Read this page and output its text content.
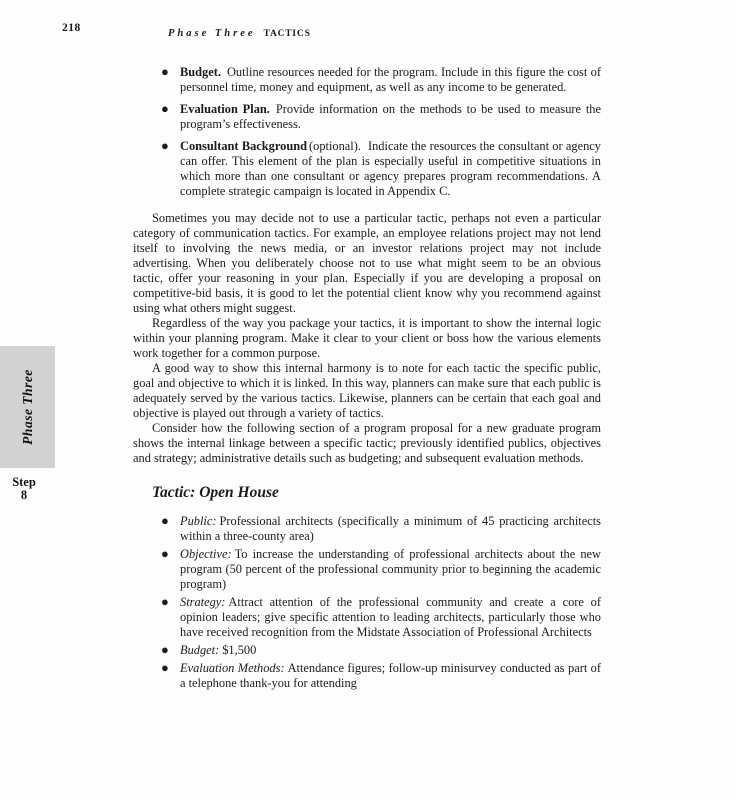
218	Phase Three TACTICS
Phase Three
Step
8
● Budget. Outline resources needed for the program. Include in this figure the cost of personnel time, money and equipment, as well as any income to be generated.

● Evaluation Plan. Provide information on the methods to be used to measure the program’s effectiveness.

● Consultant Background (optional). Indicate the resources the consultant or agency can offer. This element of the plan is especially useful in competitive situations in which more than one consultant or agency prepares program recommendations. A complete strategic campaign is located in Appendix C.

Sometimes you may decide not to use a particular tactic, perhaps not even a particular category of communication tactics. For example, an employee relations project may not lend itself to involving the news media, or an investor relations project may not include advertising. When you deliberately choose not to use what might seem to be an obvious tactic, offer your reasoning in your plan. Especially if you are developing a proposal on competitive-bid basis, it is good to let the potential client know why you recommend against using what others might suggest.

Regardless of the way you package your tactics, it is important to show the internal logic within your planning program. Make it clear to your client or boss how the various elements work together for a common purpose.

A good way to show this internal harmony is to note for each tactic the specific public, goal and objective to which it is linked. In this way, planners can make sure that each public is adequately served by the various tactics. Likewise, planners can be certain that each goal and objective is played out through a variety of tactics.

Consider how the following section of a program proposal for a new graduate program shows the internal linkage between a specific tactic; previously identified publics, objectives and strategy; administrative details such as budgeting; and subsequent evaluation methods.

Tactic: Open House
● Public: Professional architects (specifically a minimum of 45 practicing architects within a three-county area)

● Objective: To increase the understanding of professional architects about the new program (50 percent of the professional community prior to beginning the academic program)

● Strategy: Attract attention of the professional community and create a core of opinion leaders; give specific attention to leading architects, particularly those who have received recognition from the Midstate Association of Professional Architects

● Budget: $1,500

● Evaluation Methods: Attendance figures; follow-up minisurvey conducted as part of a telephone thank-you for attending
